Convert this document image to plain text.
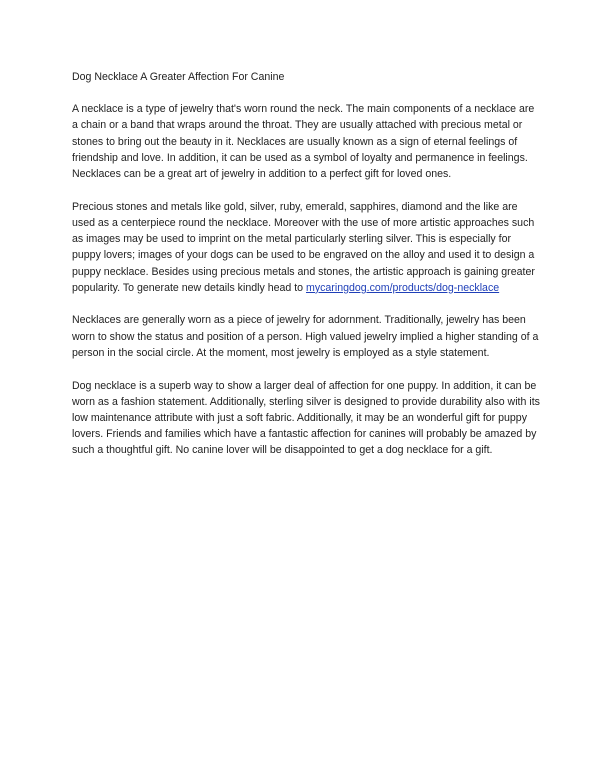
Dog Necklace A Greater Affection For Canine

A necklace is a type of jewelry that's worn round the neck. The main components of a necklace are a chain or a band that wraps around the throat. They are usually attached with precious metal or stones to bring out the beauty in it. Necklaces are usually known as a sign of eternal feelings of friendship and love. In addition, it can be used as a symbol of loyalty and permanence in feelings. Necklaces can be a great art of jewelry in addition to a perfect gift for loved ones.

Precious stones and metals like gold, silver, ruby, emerald, sapphires, diamond and the like are used as a centerpiece round the necklace. Moreover with the use of more artistic approaches such as images may be used to imprint on the metal particularly sterling silver. This is especially for puppy lovers; images of your dogs can be used to be engraved on the alloy and used it to design a puppy necklace. Besides using precious metals and stones, the artistic approach is gaining greater popularity. To generate new details kindly head to mycaringdog.com/products/dog-necklace

Necklaces are generally worn as a piece of jewelry for adornment. Traditionally, jewelry has been worn to show the status and position of a person. High valued jewelry implied a higher standing of a person in the social circle. At the moment, most jewelry is employed as a style statement.

Dog necklace is a superb way to show a larger deal of affection for one puppy. In addition, it can be worn as a fashion statement. Additionally, sterling silver is designed to provide durability also with its low maintenance attribute with just a soft fabric. Additionally, it may be an wonderful gift for puppy lovers. Friends and families which have a fantastic affection for canines will probably be amazed by such a thoughtful gift. No canine lover will be disappointed to get a dog necklace for a gift.
